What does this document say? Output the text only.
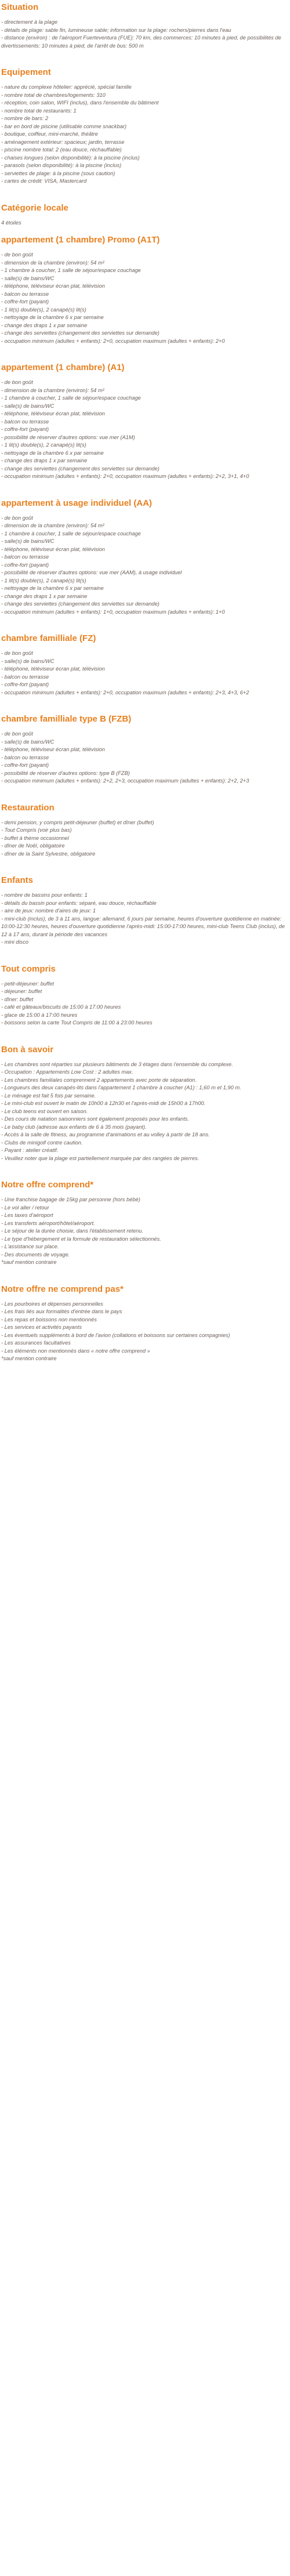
Situation

- directement à la plage

- détails de plage: sable fin, lumineuse sable; information sur la plage: rochers/pierres dans l'eau

- distance (environ) : de l'aéroport Fuerteventura (FUE): 70 km, des commerces: 10 minutes à pied, de possibilités de divertissements: 10 minutes à pied, de l'arrêt de bus: 500 m

Equipement

- nature du complexe hôtelier: apprécié, spécial famille

- nombre total de chambres/logements: 310

- réception, coin salon, WIFI (inclus), dans l'ensemble du bâtiment

- nombre total de restaurants: 1

- nombre de bars: 2

- bar en bord de piscine (utilisable comme snackbar)

- boutique, coiffeur, mini-marché, théâtre

- aménagement extérieur: spacieux; jardin, terrasse

- piscine nombre total: 2 (eau douce, réchauffable)

- chaises longues (selon disponibilité): à la piscine (inclus)

- parasols (selon disponibilité): à la piscine (inclus)

- serviettes de plage: à la piscine (sous caution)

- cartes de crédit: VISA, Mastercard

Catégorie locale

4 étoiles

appartement (1 chambre) Promo (A1T)

- de bon goût

- dimension de la chambre (environ): 54 m²

- 1 chambre à coucher, 1 salle de séjour/espace couchage

- salle(s) de bains/WC

- téléphone, téléviseur écran plat, télévision

- balcon ou terrasse

- coffre-fort (payant)

- 1 lit(s) double(s), 2 canapé(s) lit(s)

- nettoyage de la chambre 6 x par semaine

- change des draps 1 x par semaine

- change des serviettes (changement des serviettes sur demande)

- occupation minimum (adultes + enfants): 2+0, occupation maximum (adultes + enfants): 2+0

appartement (1 chambre) (A1)

- de bon goût

- dimension de la chambre (environ): 54 m²

- 1 chambre à coucher, 1 salle de séjour/espace couchage

- salle(s) de bains/WC

- téléphone, téléviseur écran plat, télévision

- balcon ou terrasse

- coffre-fort (payant)

- possibilité de réserver d'autres options: vue mer (A1M)

- 1 lit(s) double(s), 2 canapé(s) lit(s)

- nettoyage de la chambre 6 x par semaine

- change des draps 1 x par semaine

- change des serviettes (changement des serviettes sur demande)

- occupation minimum (adultes + enfants): 2+0, occupation maximum (adultes + enfants): 2+2, 3+1, 4+0

appartement à usage individuel (AA)

- de bon goût

- dimension de la chambre (environ): 54 m²

- 1 chambre à coucher, 1 salle de séjour/espace couchage

- salle(s) de bains/WC

- téléphone, téléviseur écran plat, télévision

- balcon ou terrasse

- coffre-fort (payant)

- possibilité de réserver d'autres options: vue mer (AAM), à usage individuel

- 1 lit(s) double(s), 2 canapé(s) lit(s)

- nettoyage de la chambre 6 x par semaine

- change des draps 1 x par semaine

- change des serviettes (changement des serviettes sur demande)

- occupation minimum (adultes + enfants): 1+0, occupation maximum (adultes + enfants): 1+0

chambre familliale (FZ)

- de bon goût

- salle(s) de bains/WC

- téléphone, téléviseur écran plat, télévision

- balcon ou terrasse

- coffre-fort (payant)

- occupation minimum (adultes + enfants): 2+0, occupation maximum (adultes + enfants): 2+3, 4+3, 6+2

chambre familliale type B (FZB)

- de bon goût

- salle(s) de bains/WC

- téléphone, téléviseur écran plat, télévision

- balcon ou terrasse

- coffre-fort (payant)

- possibilité de réserver d'autres options: type B (FZB)

- occupation minimum (adultes + enfants): 2+2, 2+3, occupation maximum (adultes + enfants): 2+2, 2+3

Restauration

- demi pension, y compris petit-déjeuner (buffet) et dîner (buffet)

- Tout Compris (voir plus bas)

- buffet à thème occasionnel

- dîner de Noël, obligatoire

- dîner de la Saint Sylvestre, obligatoire

Enfants

- nombre de bassins pour enfants: 1

- détails du bassin pour enfants: séparé, eau douce, réchauffable

- aire de jeux: nombre d'aires de jeux: 1

- mini-club (inclus), de 3 à 11 ans, langue: allemand, 6 jours par semaine, heures d'ouverture quotidienne en matinée: 10:00-12:30 heures, heures d'ouverture quotidienne l'après-midi: 15:00-17:00 heures, mini-club Teens Club (inclus), de 12 à 17 ans, durant la période des vacances

- mini disco

Tout compris

- petit-déjeuner: buffet

- déjeuner: buffet

- dîner: buffet

- café et gâteaux/biscuits de 15:00 à 17:00 heures

- glace de 15:00 à 17:00 heures

- boissons selon la carte Tout Compris de 11:00 à 23:00 heures

Bon à savoir

- Les chambres sont réparties sur plusieurs bâtiments de 3 étages dans l'ensemble du complexe.

- Occupation : Appartements Low Cost : 2 adultes max.

- Les chambres familiales comprennent 2 appartements avec porte de séparation.

- Longueurs des deux canapés-lits dans l'appartement 1 chambre à coucher (A1) : 1,60 m et 1,90 m.

- Le ménage est fait 5 fois par semaine.

- Le mini-club est ouvert le matin de 10h00 à 12h30 et l'après-midi de 15h00 à 17h00.

- Le club teens est ouvert en saison.

- Des cours de natation saisonniers sont également proposés pour les enfants.

- Le baby club (adresse aux enfants de 6 à 35 mois (payant).

- Accès à la salle de fitness, au programme d'animations et au volley à partir de 18 ans.

- Clubs de minigolf contre caution.

- Payant : atelier créatif.

- Veuillez noter que la plage est partiellement marquée par des rangées de pierres.

Notre offre comprend*

- Une franchise bagage de 15kg par personne (hors bébé)

- Le vol aller / retour

- Les taxes d'aéroport

- Les transferts aéroport/hôtel/aéroport.

- Le séjour de la durée choisie, dans l'établissement retenu.

- Le type d'hébergement et la formule de restauration sélectionnés.

- L'assistance sur place.

- Des documents de voyage.

*sauf mention contraire

Notre offre ne comprend pas*

- Les pourboires et dépenses personnelles

- Les frais liés aux formalités d'entrée dans le pays

- Les repas et boissons non mentionnés

- Les services et activités payants

- Les éventuels suppléments à bord de l'avion (collations et boissons sur certaines compagnies)

- Les assurances facultatives

- Les éléments non mentionnés dans « notre offre comprend »

*sauf mention contraire
